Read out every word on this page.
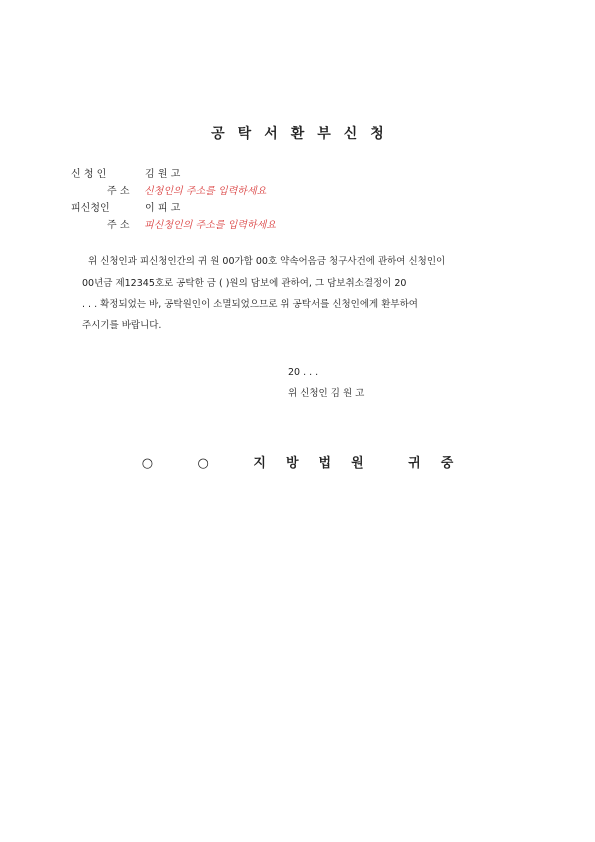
공탁서환부신청
신 청 인	김 원 고
주 소 신청인의 주소를 입력하세요
피신청인	이 피 고
주 소 피신청인의 주소를 입력하세요
위 신청인과 피신청인간의 귀 원 00가합 00호 약속어음금 청구사건에 관하여 신청인이
00년금 제12345호로 공탁한 금 ( )원의 담보에 관하여, 그 담보취소결정이 20
. . . 확정되었는 바, 공탁원인이 소멸되었으므로 위 공탁서를 신청인에게 환부하여
주시기를 바랍니다.
20 . . .
위 신청인 김 원 고
○ ○ 지방법원 귀중
